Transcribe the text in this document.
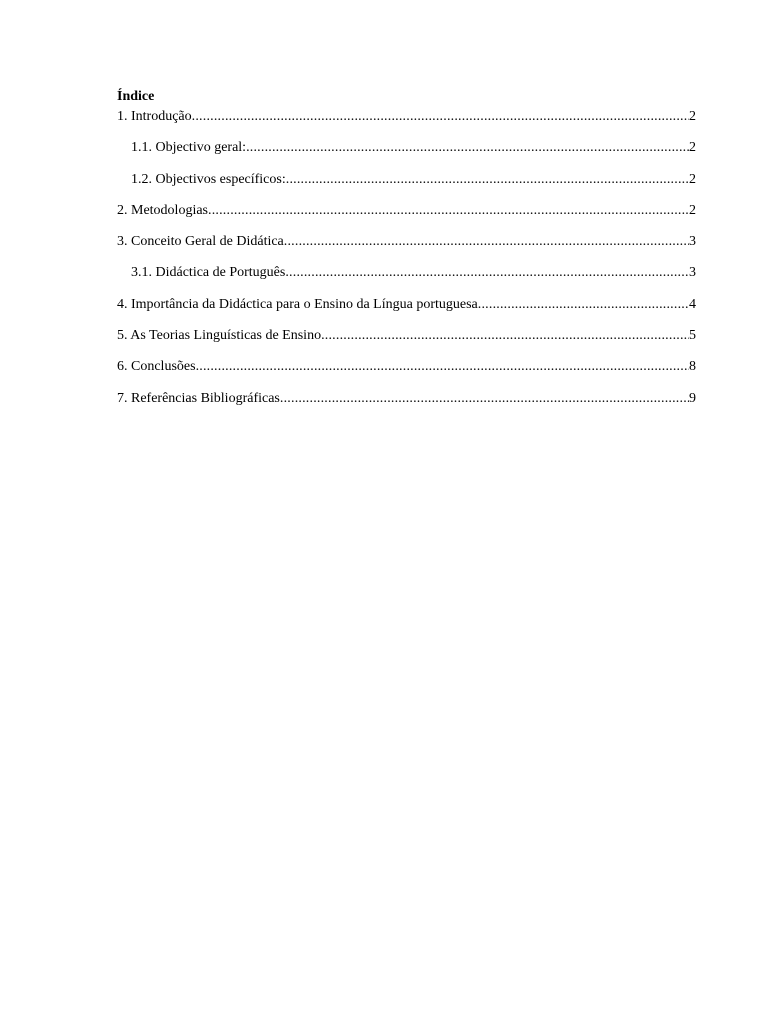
Índice
1. Introdução .....	2
1.1. Objectivo geral: .....	2
1.2. Objectivos específicos: .....	2
2. Metodologias .....	2
3. Conceito Geral de Didática .....	3
3.1. Didáctica de Português .....	3
4. Importância da Didáctica para o Ensino da Língua portuguesa .....	4
5. As Teorias Linguísticas de Ensino .....	5
6. Conclusões .....	8
7. Referências Bibliográficas .....	9
